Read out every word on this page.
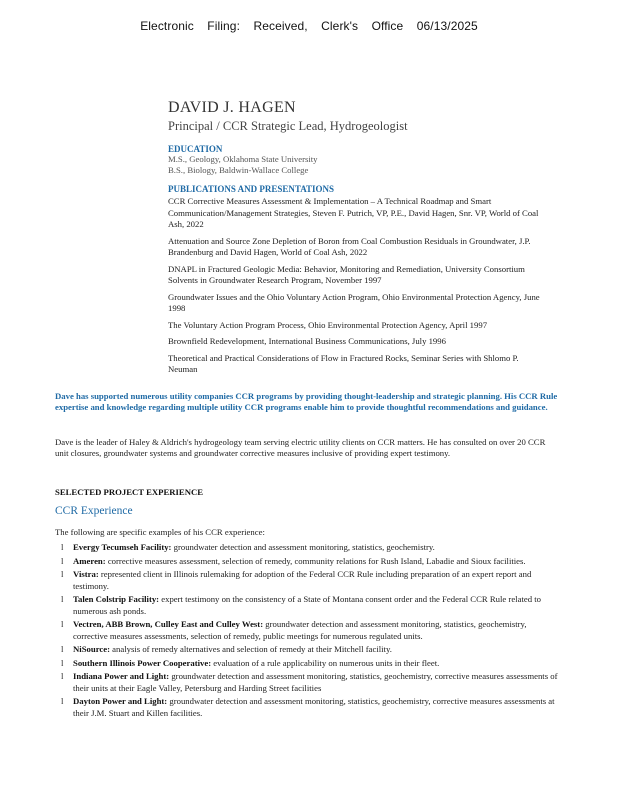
Electronic Filing: Received, Clerk's Office 06/13/2025
DAVID J. HAGEN
Principal / CCR Strategic Lead, Hydrogeologist
EDUCATION
M.S., Geology, Oklahoma State University
B.S., Biology, Baldwin-Wallace College
PUBLICATIONS AND PRESENTATIONS
CCR Corrective Measures Assessment & Implementation – A Technical Roadmap and Smart Communication/Management Strategies, Steven F. Putrich, VP, P.E., David Hagen, Snr. VP, World of Coal Ash, 2022
Attenuation and Source Zone Depletion of Boron from Coal Combustion Residuals in Groundwater, J.P. Brandenburg and David Hagen, World of Coal Ash, 2022
DNAPL in Fractured Geologic Media: Behavior, Monitoring and Remediation, University Consortium Solvents in Groundwater Research Program, November 1997
Groundwater Issues and the Ohio Voluntary Action Program, Ohio Environmental Protection Agency, June 1998
The Voluntary Action Program Process, Ohio Environmental Protection Agency, April 1997
Brownfield Redevelopment, International Business Communications, July 1996
Theoretical and Practical Considerations of Flow in Fractured Rocks, Seminar Series with Shlomo P. Neuman
Dave has supported numerous utility companies CCR programs by providing thought-leadership and strategic planning. His CCR Rule expertise and knowledge regarding multiple utility CCR programs enable him to provide thoughtful recommendations and guidance.
Dave is the leader of Haley & Aldrich's hydrogeology team serving electric utility clients on CCR matters. He has consulted on over 20 CCR unit closures, groundwater systems and groundwater corrective measures inclusive of providing expert testimony.
SELECTED PROJECT EXPERIENCE
CCR Experience
The following are specific examples of his CCR experience:
l Evergy Tecumseh Facility: groundwater detection and assessment monitoring, statistics, geochemistry.
l Ameren: corrective measures assessment, selection of remedy, community relations for Rush Island, Labadie and Sioux facilities.
l Vistra: represented client in Illinois rulemaking for adoption of the Federal CCR Rule including preparation of an expert report and testimony.
l Talen Colstrip Facility: expert testimony on the consistency of a State of Montana consent order and the Federal CCR Rule related to numerous ash ponds.
l Vectren, ABB Brown, Culley East and Culley West: groundwater detection and assessment monitoring, statistics, geochemistry, corrective measures assessments, selection of remedy, public meetings for numerous regulated units.
l NiSource: analysis of remedy alternatives and selection of remedy at their Mitchell facility.
l Southern Illinois Power Cooperative: evaluation of a rule applicability on numerous units in their fleet.
l Indiana Power and Light: groundwater detection and assessment monitoring, statistics, geochemistry, corrective measures assessments of their units at their Eagle Valley, Petersburg and Harding Street facilities
l Dayton Power and Light: groundwater detection and assessment monitoring, statistics, geochemistry, corrective measures assessments at their J.M. Stuart and Killen facilities.
